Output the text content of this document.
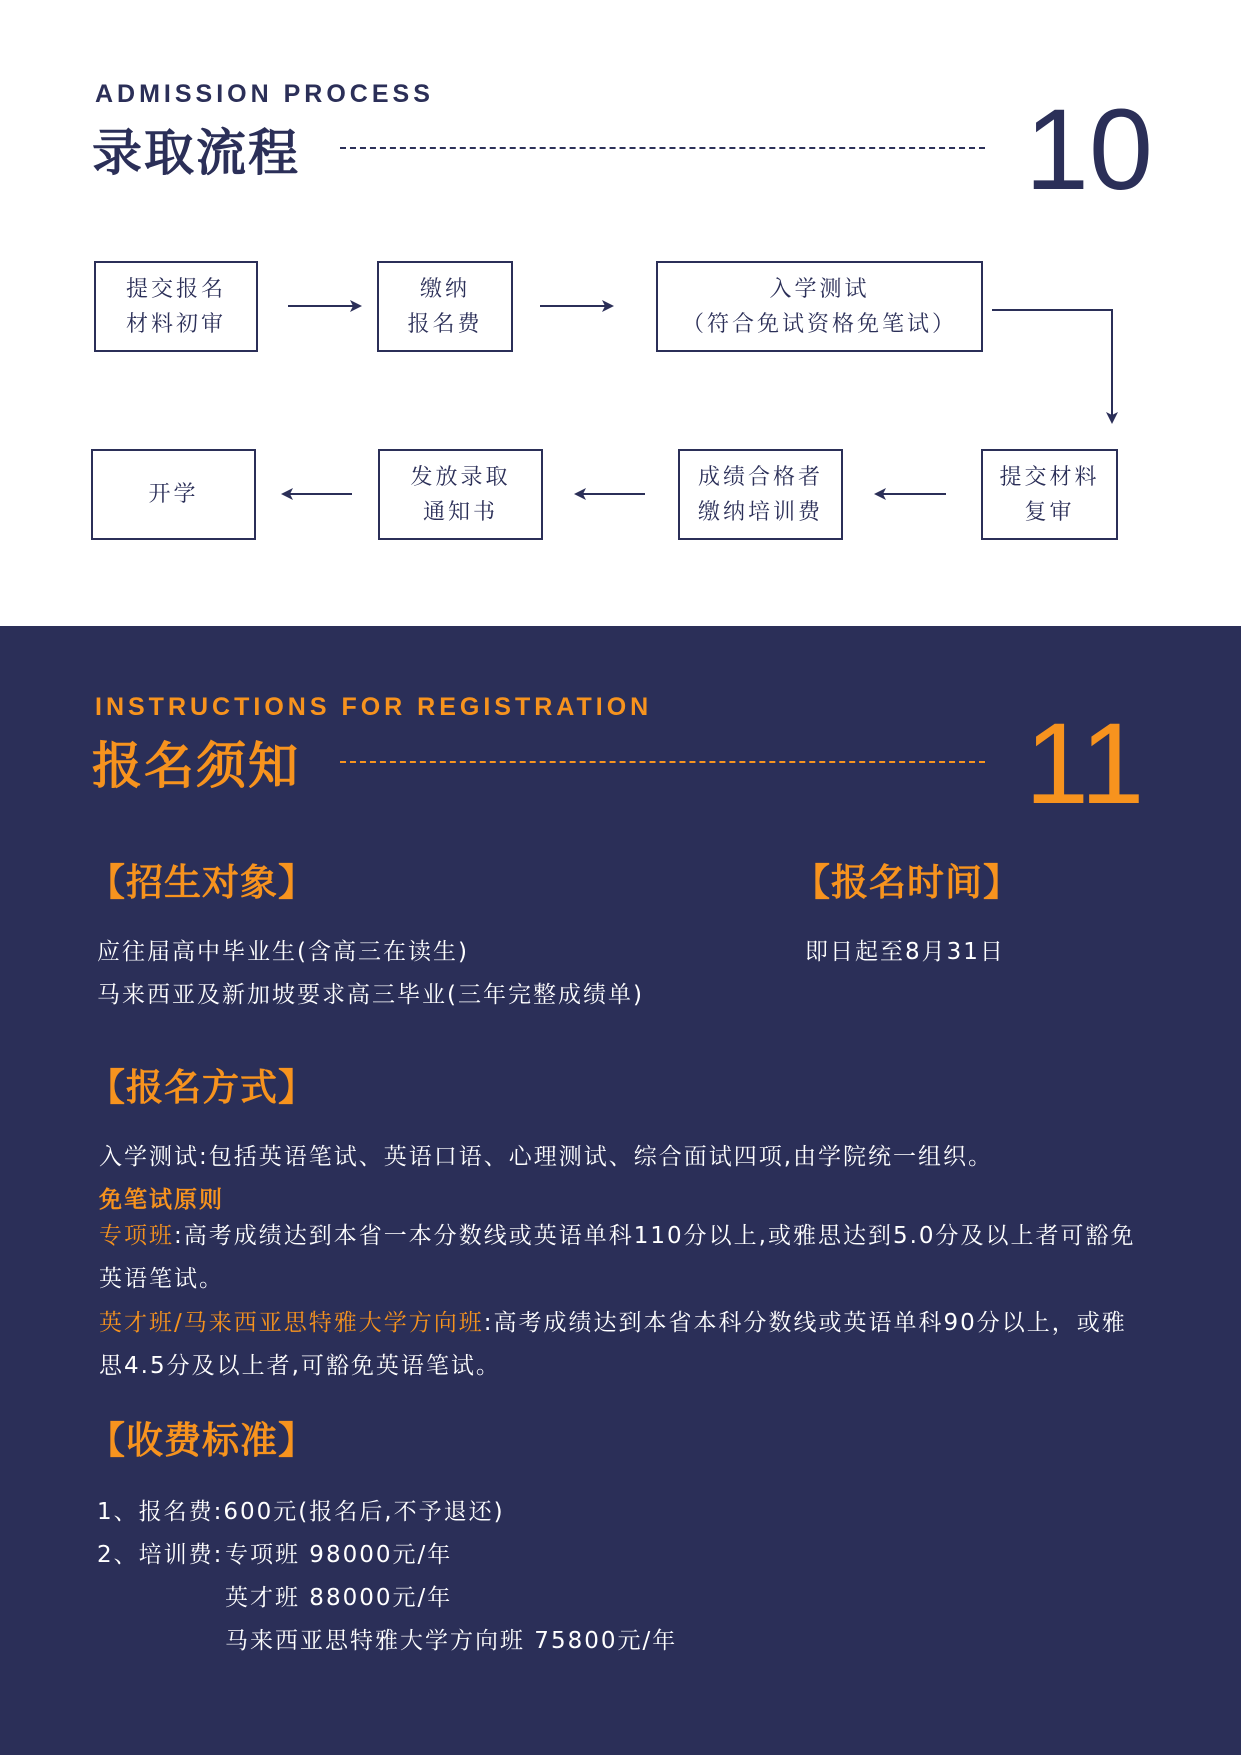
ADMISSION PROCESS
录取流程	10
提交报名
材料初审
缴纳
报名费
入学测试
（符合免试资格免笔试）
提交材料
复审
成绩合格者
缴纳培训费
发放录取
通知书
开学
INSTRUCTIONS FOR REGISTRATION
报名须知	11
【招生对象】
应往届高中毕业生(含高三在读生)
马来西亚及新加坡要求高三毕业(三年完整成绩单)
【报名时间】
即日起至8月31日
【报名方式】
入学测试:包括英语笔试、英语口语、心理测试、综合面试四项,由学院统一组织。
免笔试原则
专项班:高考成绩达到本省一本分数线或英语单科110分以上,或雅思达到5.0分及以上者可豁免英语笔试。
英才班/马来西亚思特雅大学方向班:高考成绩达到本省本科分数线或英语单科90分以上，或雅思4.5分及以上者,可豁免英语笔试。
【收费标准】
1、报名费:600元(报名后,不予退还)
2、培训费: 专项班 98000元/年
英才班 88000元/年
马来西亚思特雅大学方向班 75800元/年
